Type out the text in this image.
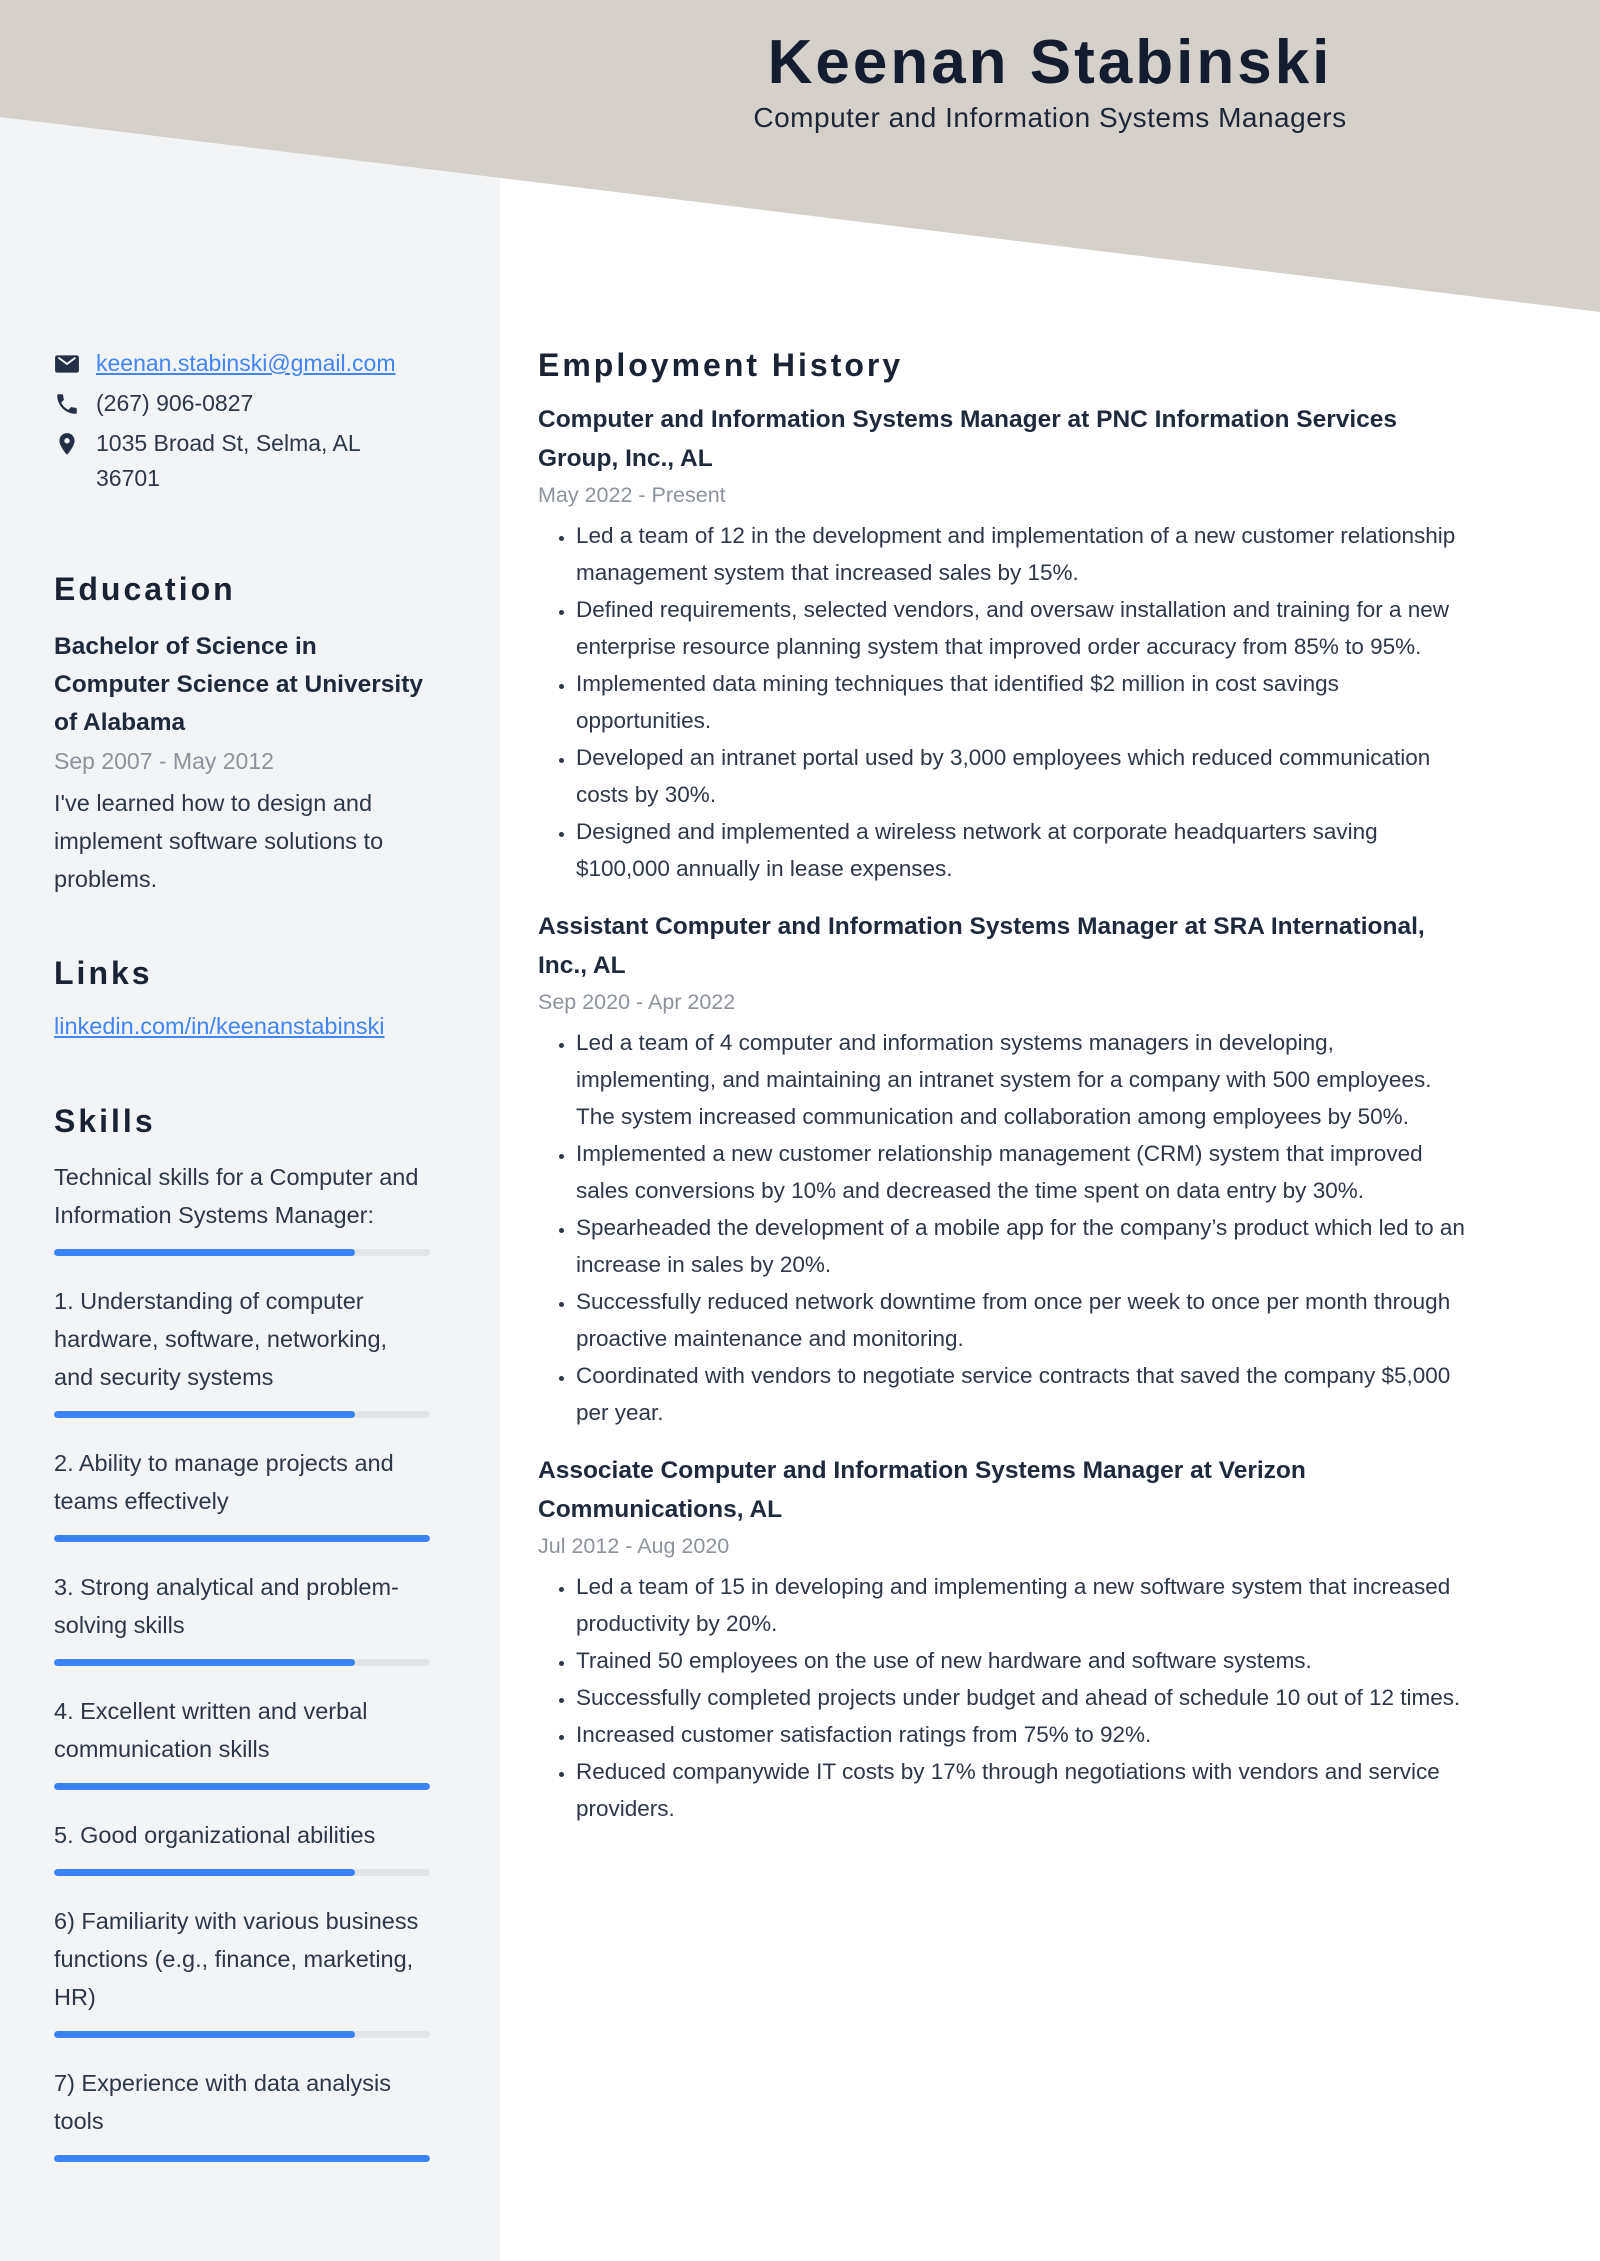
Keenan Stabinski
Computer and Information Systems Managers
keenan.stabinski@gmail.com
(267) 906-0827
1035 Broad St, Selma, AL 36701
Education
Bachelor of Science in Computer Science at University of Alabama
Sep 2007 - May 2012

I've learned how to design and implement software solutions to problems.

Links
linkedin.com/in/keenanstabinski
Skills
Technical skills for a Computer and Information Systems Manager:
1. Understanding of computer hardware, software, networking, and security systems
2. Ability to manage projects and teams effectively
3. Strong analytical and problem-solving skills
4. Excellent written and verbal communication skills
5. Good organizational abilities
6) Familiarity with various business functions (e.g., finance, marketing, HR)
7) Experience with data analysis tools
Employment History
Computer and Information Systems Manager at PNC Information Services Group, Inc., AL
May 2022 - Present
• Led a team of 12 in the development and implementation of a new customer relationship management system that increased sales by 15%.
• Defined requirements, selected vendors, and oversaw installation and training for a new enterprise resource planning system that improved order accuracy from 85% to 95%.
• Implemented data mining techniques that identified $2 million in cost savings opportunities.
• Developed an intranet portal used by 3,000 employees which reduced communication costs by 30%.
• Designed and implemented a wireless network at corporate headquarters saving $100,000 annually in lease expenses.
Assistant Computer and Information Systems Manager at SRA International, Inc., AL
Sep 2020 - Apr 2022
• Led a team of 4 computer and information systems managers in developing, implementing, and maintaining an intranet system for a company with 500 employees. The system increased communication and collaboration among employees by 50%.
• Implemented a new customer relationship management (CRM) system that improved sales conversions by 10% and decreased the time spent on data entry by 30%.
• Spearheaded the development of a mobile app for the company’s product which led to an increase in sales by 20%.
• Successfully reduced network downtime from once per week to once per month through proactive maintenance and monitoring.
• Coordinated with vendors to negotiate service contracts that saved the company $5,000 per year.
Associate Computer and Information Systems Manager at Verizon Communications, AL
Jul 2012 - Aug 2020
• Led a team of 15 in developing and implementing a new software system that increased productivity by 20%.
• Trained 50 employees on the use of new hardware and software systems.
• Successfully completed projects under budget and ahead of schedule 10 out of 12 times.
• Increased customer satisfaction ratings from 75% to 92%.
• Reduced companywide IT costs by 17% through negotiations with vendors and service providers.
